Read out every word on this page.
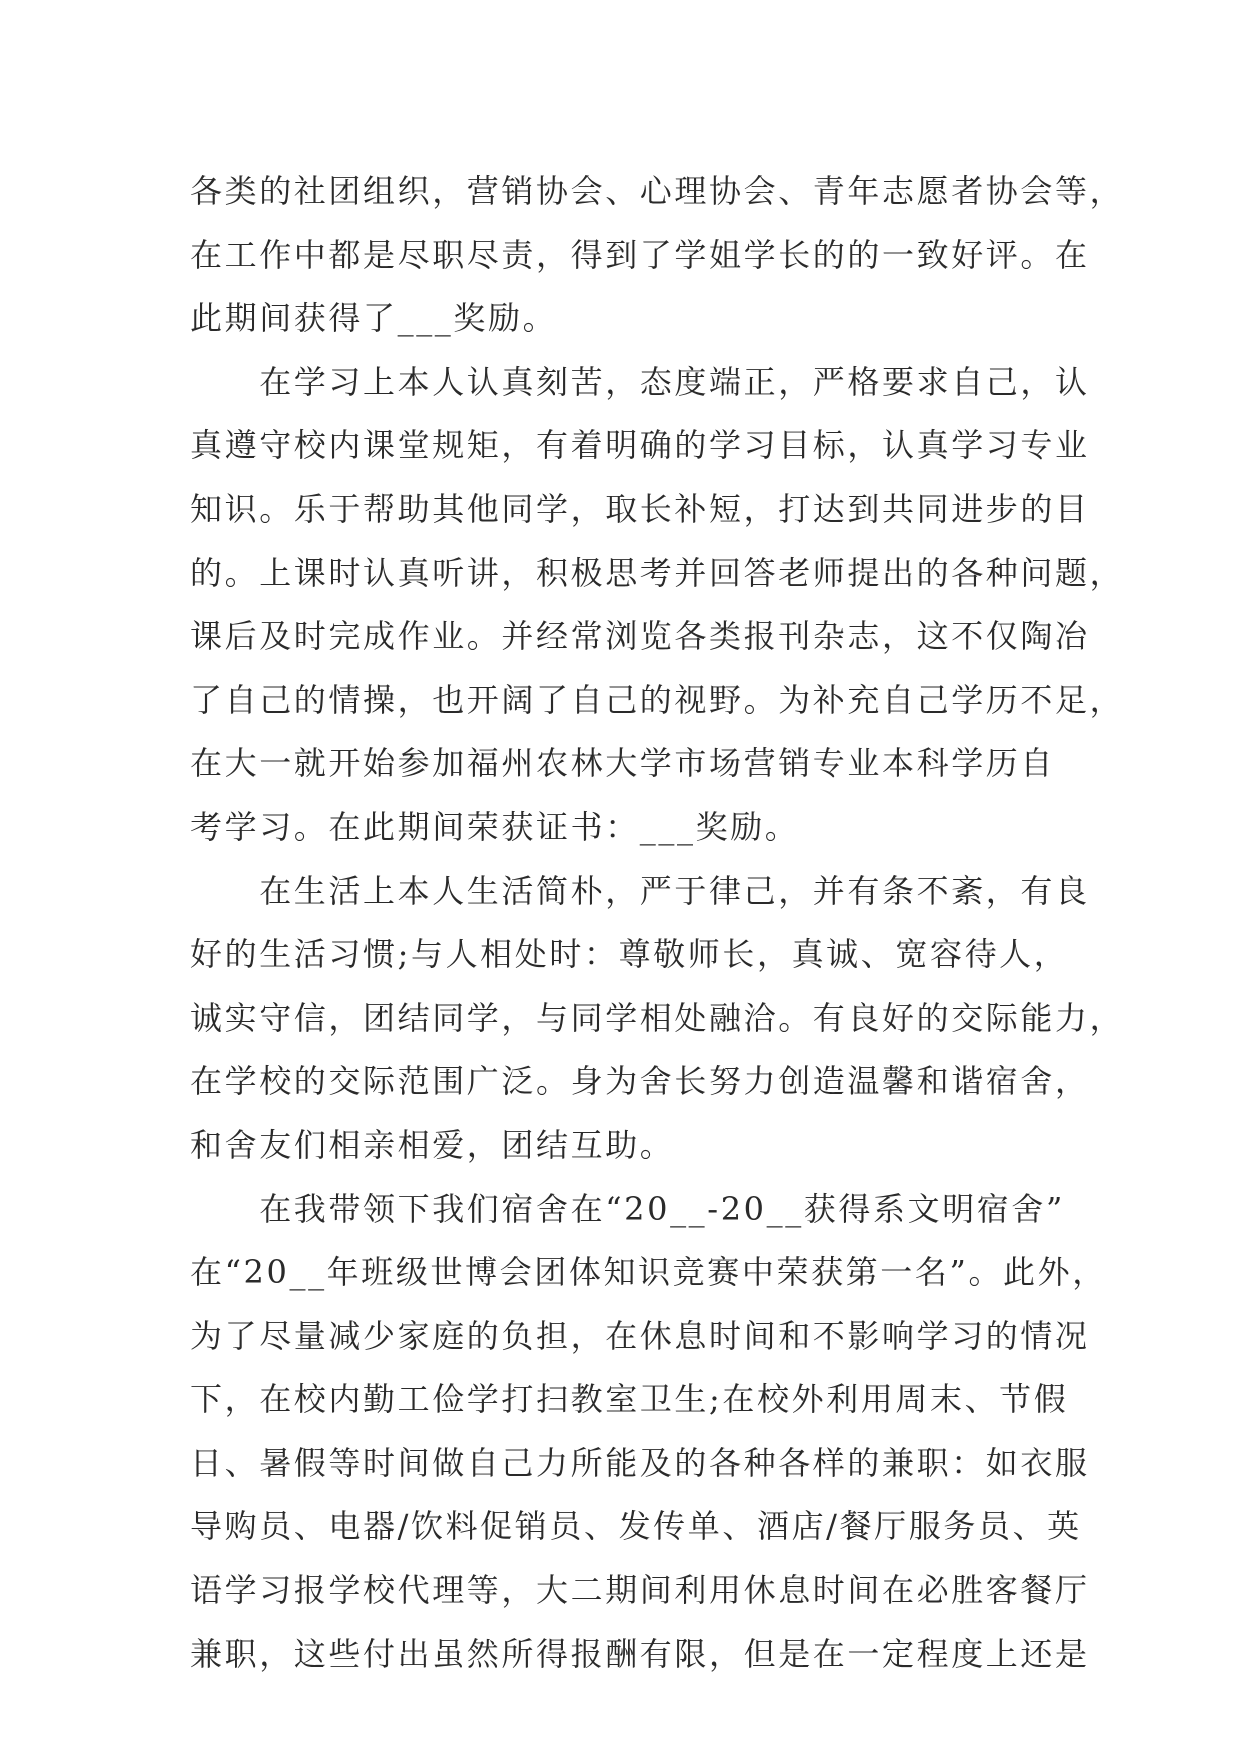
各类的社团组织，营销协会、心理协会、青年志愿者协会等，
在工作中都是尽职尽责，得到了学姐学长的的一致好评。在
此期间获得了___奖励。
　　在学习上本人认真刻苦，态度端正，严格要求自己，认
真遵守校内课堂规矩，有着明确的学习目标，认真学习专业
知识。乐于帮助其他同学，取长补短，打达到共同进步的目
的。上课时认真听讲，积极思考并回答老师提出的各种问题，
课后及时完成作业。并经常浏览各类报刊杂志，这不仅陶冶
了自己的情操，也开阔了自己的视野。为补充自己学历不足，
在大一就开始参加福州农林大学市场营销专业本科学历自
考学习。在此期间荣获证书：___奖励。
　　在生活上本人生活简朴，严于律己，并有条不紊，有良
好的生活习惯;与人相处时：尊敬师长，真诚、宽容待人，
诚实守信，团结同学，与同学相处融洽。有良好的交际能力，
在学校的交际范围广泛。身为舍长努力创造温馨和谐宿舍，
和舍友们相亲相爱，团结互助。
　　在我带领下我们宿舍在“20__-20__获得系文明宿舍”
在“20__年班级世博会团体知识竞赛中荣获第一名”。此外，
为了尽量减少家庭的负担，在休息时间和不影响学习的情况
下，在校内勤工俭学打扫教室卫生;在校外利用周末、节假
日、暑假等时间做自己力所能及的各种各样的兼职：如衣服
导购员、电器/饮料促销员、发传单、酒店/餐厅服务员、英
语学习报学校代理等，大二期间利用休息时间在必胜客餐厅
兼职，这些付出虽然所得报酬有限，但是在一定程度上还是
